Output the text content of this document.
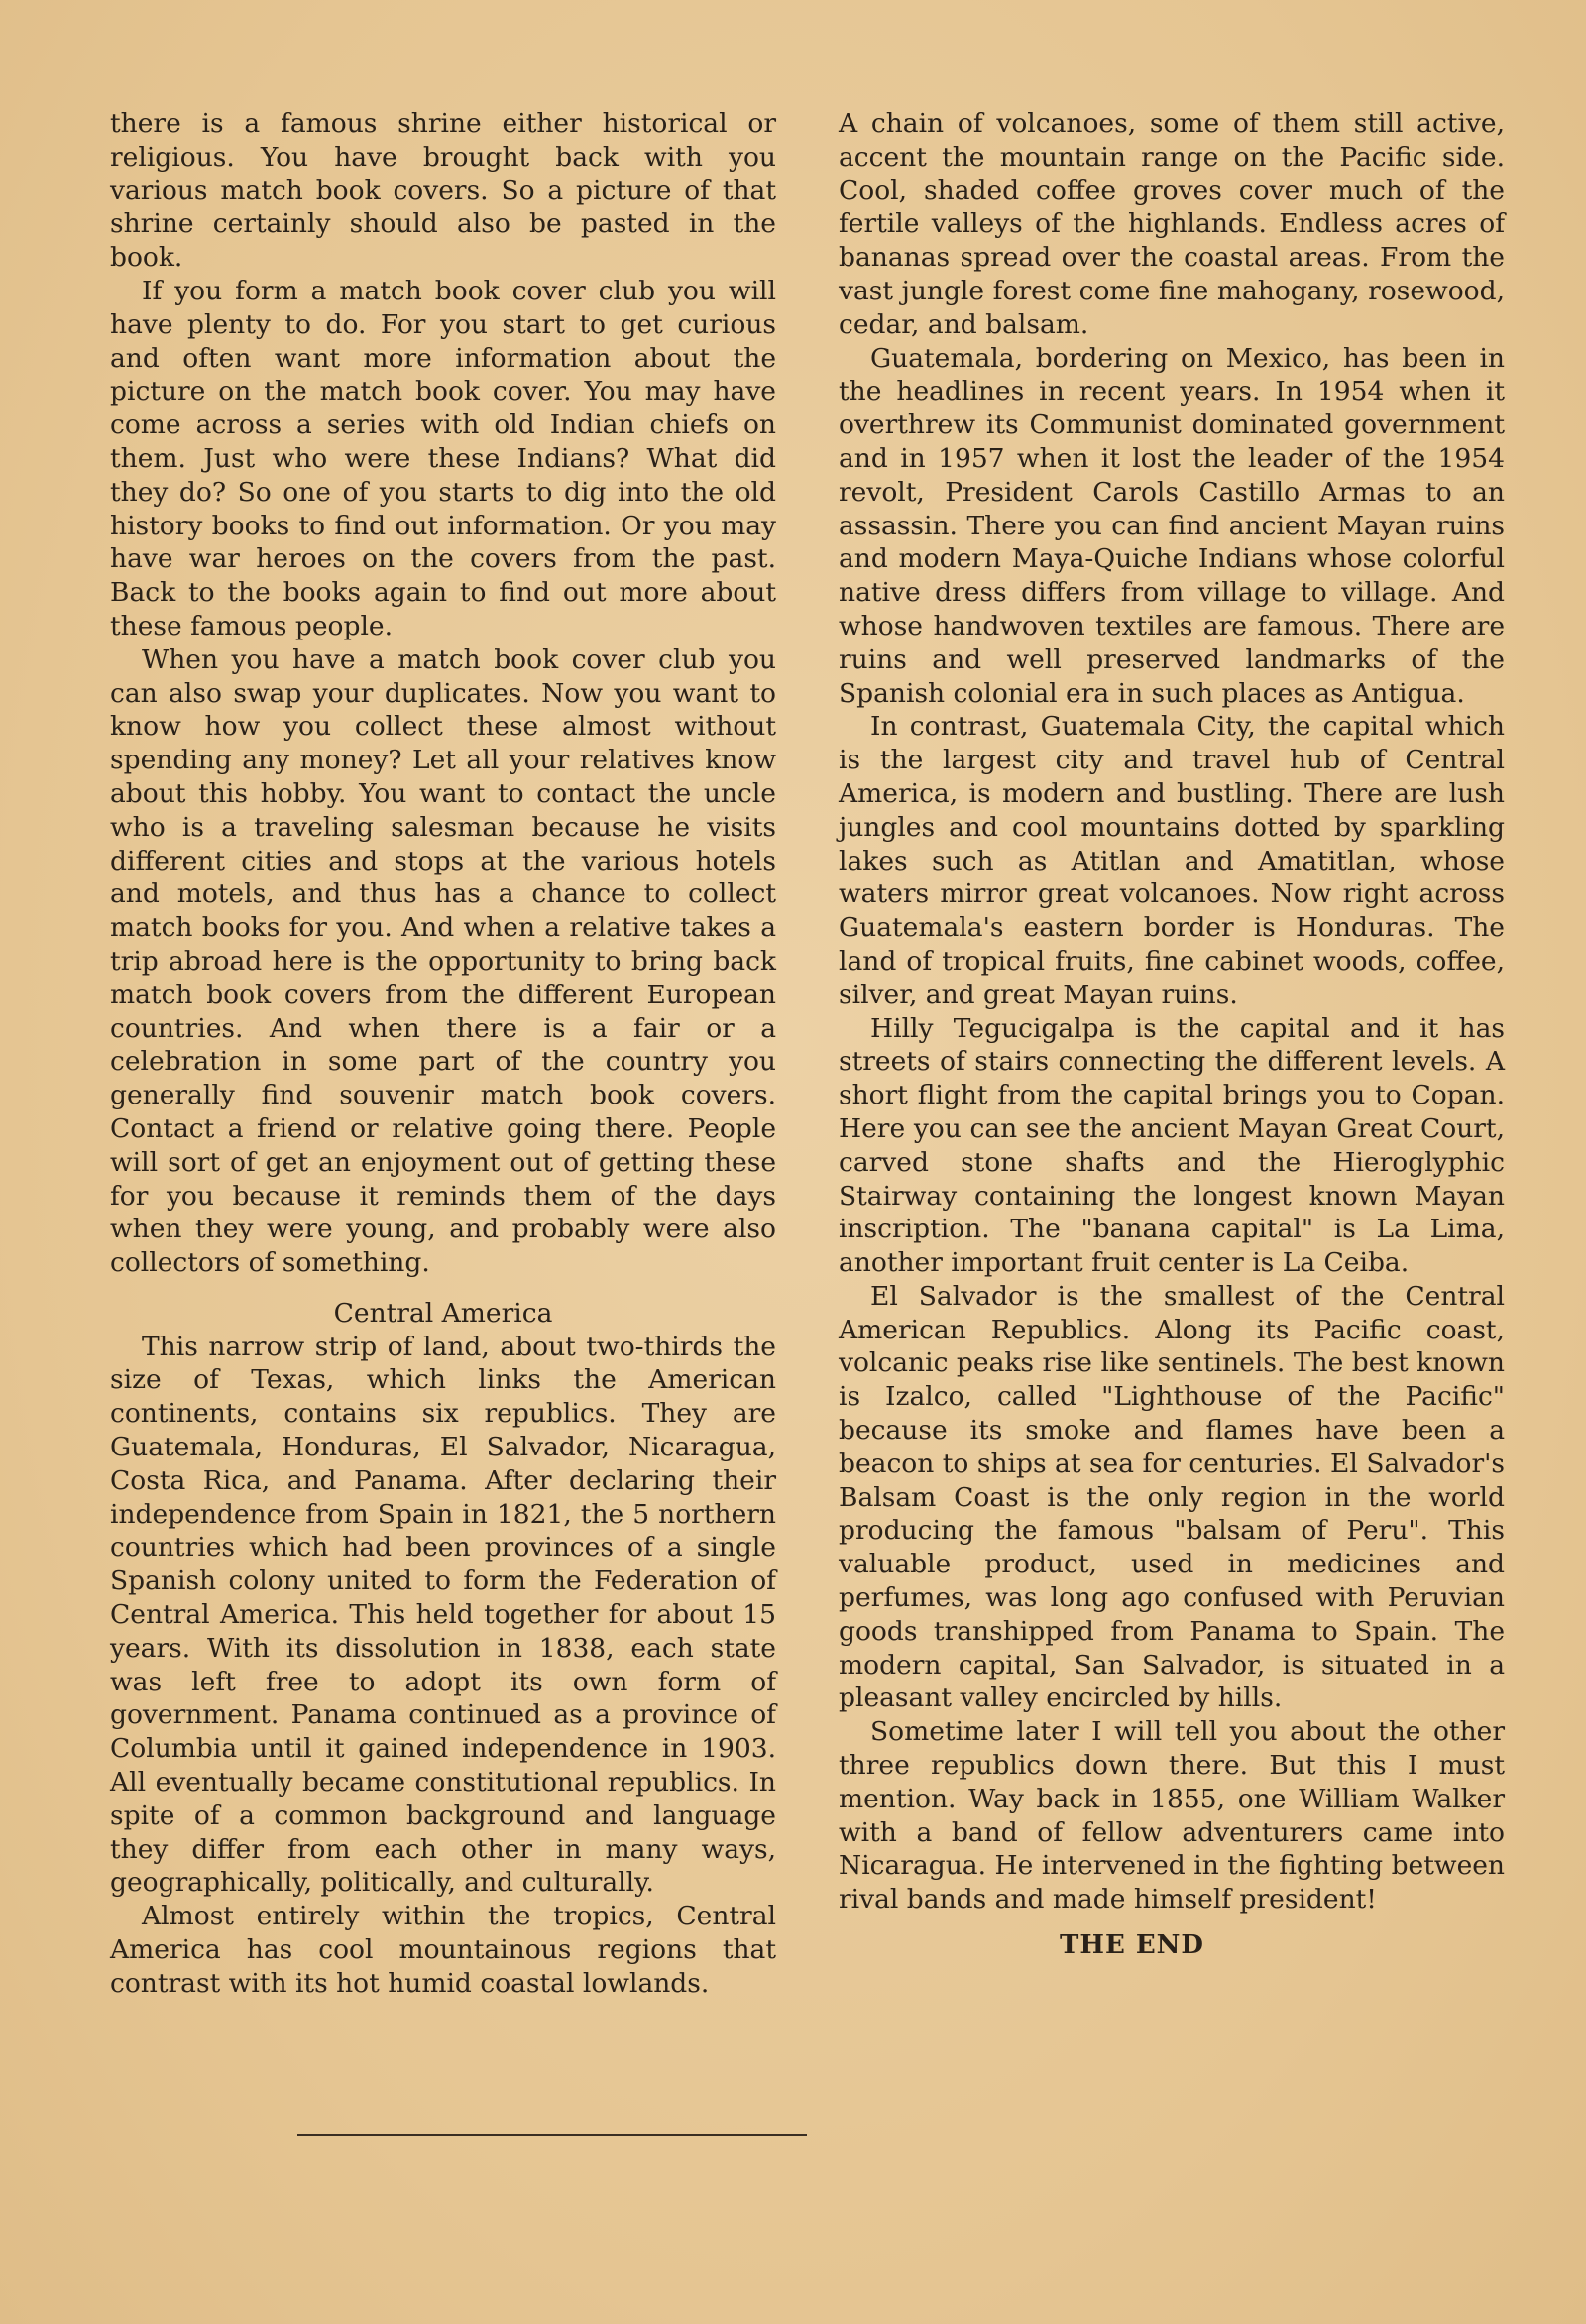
there is a famous shrine either historical or religious. You have brought back with you various match book covers. So a picture of that shrine certainly should also be pasted in the book.

If you form a match book cover club you will have plenty to do. For you start to get curious and often want more information about the picture on the match book cover. You may have come across a series with old Indian chiefs on them. Just who were these Indians? What did they do? So one of you starts to dig into the old history books to find out information. Or you may have war heroes on the covers from the past. Back to the books again to find out more about these famous people.

When you have a match book cover club you can also swap your duplicates. Now you want to know how you collect these almost without spending any money? Let all your relatives know about this hobby. You want to contact the uncle who is a traveling salesman because he visits different cities and stops at the various hotels and motels, and thus has a chance to collect match books for you. And when a relative takes a trip abroad here is the opportunity to bring back match book covers from the different European countries. And when there is a fair or a celebration in some part of the country you generally find souvenir match book covers. Contact a friend or relative going there. People will sort of get an enjoyment out of getting these for you because it reminds them of the days when they were young, and probably were also collectors of something.

Central America

This narrow strip of land, about two-thirds the size of Texas, which links the American continents, contains six republics. They are Guatemala, Honduras, El Salvador, Nicaragua, Costa Rica, and Panama. After declaring their independence from Spain in 1821, the 5 northern countries which had been provinces of a single Spanish colony united to form the Federation of Central America. This held together for about 15 years. With its dissolution in 1838, each state was left free to adopt its own form of government. Panama continued as a province of Columbia until it gained independence in 1903. All eventually became constitutional republics. In spite of a common background and language they differ from each other in many ways, geographically, politically, and culturally.

Almost entirely within the tropics, Central America has cool mountainous regions that contrast with its hot humid coastal lowlands.

A chain of volcanoes, some of them still active, accent the mountain range on the Pacific side. Cool, shaded coffee groves cover much of the fertile valleys of the highlands. Endless acres of bananas spread over the coastal areas. From the vast jungle forest come fine mahogany, rosewood, cedar, and balsam.

Guatemala, bordering on Mexico, has been in the headlines in recent years. In 1954 when it overthrew its Communist dominated government and in 1957 when it lost the leader of the 1954 revolt, President Carols Castillo Armas to an assassin. There you can find ancient Mayan ruins and modern Maya-Quiche Indians whose colorful native dress differs from village to village. And whose handwoven textiles are famous. There are ruins and well preserved landmarks of the Spanish colonial era in such places as Antigua.

In contrast, Guatemala City, the capital which is the largest city and travel hub of Central America, is modern and bustling. There are lush jungles and cool mountains dotted by sparkling lakes such as Atitlan and Amatitlan, whose waters mirror great volcanoes. Now right across Guatemala's eastern border is Honduras. The land of tropical fruits, fine cabinet woods, coffee, silver, and great Mayan ruins.

Hilly Tegucigalpa is the capital and it has streets of stairs connecting the different levels. A short flight from the capital brings you to Copan. Here you can see the ancient Mayan Great Court, carved stone shafts and the Hieroglyphic Stairway containing the longest known Mayan inscription. The "banana capital" is La Lima, another important fruit center is La Ceiba.

El Salvador is the smallest of the Central American Republics. Along its Pacific coast, volcanic peaks rise like sentinels. The best known is Izalco, called "Lighthouse of the Pacific" because its smoke and flames have been a beacon to ships at sea for centuries. El Salvador's Balsam Coast is the only region in the world producing the famous "balsam of Peru". This valuable product, used in medicines and perfumes, was long ago confused with Peruvian goods transhipped from Panama to Spain. The modern capital, San Salvador, is situated in a pleasant valley encircled by hills.

Sometime later I will tell you about the other three republics down there. But this I must mention. Way back in 1855, one William Walker with a band of fellow adventurers came into Nicaragua. He intervened in the fighting between rival bands and made himself president!

THE END
